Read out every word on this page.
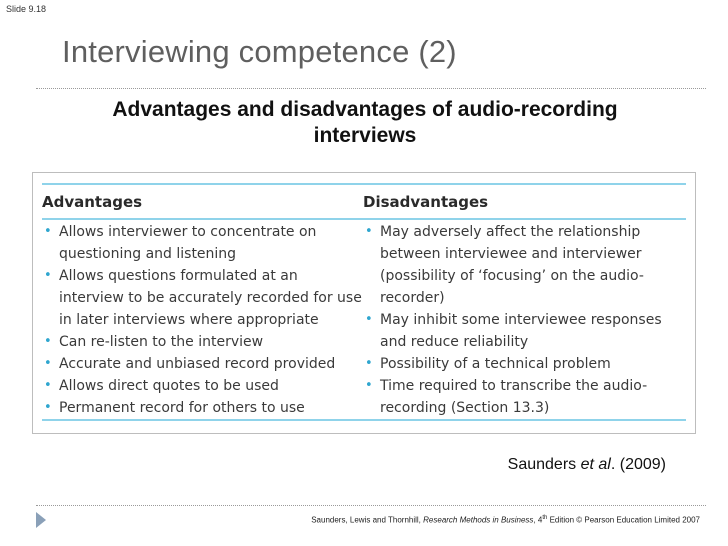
Slide 9.18
Interviewing competence (2)
Advantages and disadvantages of audio-recording interviews
Advantages
• Allows interviewer to concentrate on questioning and listening
• Allows questions formulated at an interview to be accurately recorded for use in later interviews where appropriate
• Can re-listen to the interview
• Accurate and unbiased record provided
• Allows direct quotes to be used
• Permanent record for others to use
Disadvantages
• May adversely affect the relationship between interviewee and interviewer (possibility of ‘focusing’ on the audio-recorder)
• May inhibit some interviewee responses and reduce reliability
• Possibility of a technical problem
• Time required to transcribe the audio-recording (Section 13.3)
Saunders et al. (2009)
Saunders, Lewis and Thornhill, Research Methods in Business, 4th Edition © Pearson Education Limited 2007
